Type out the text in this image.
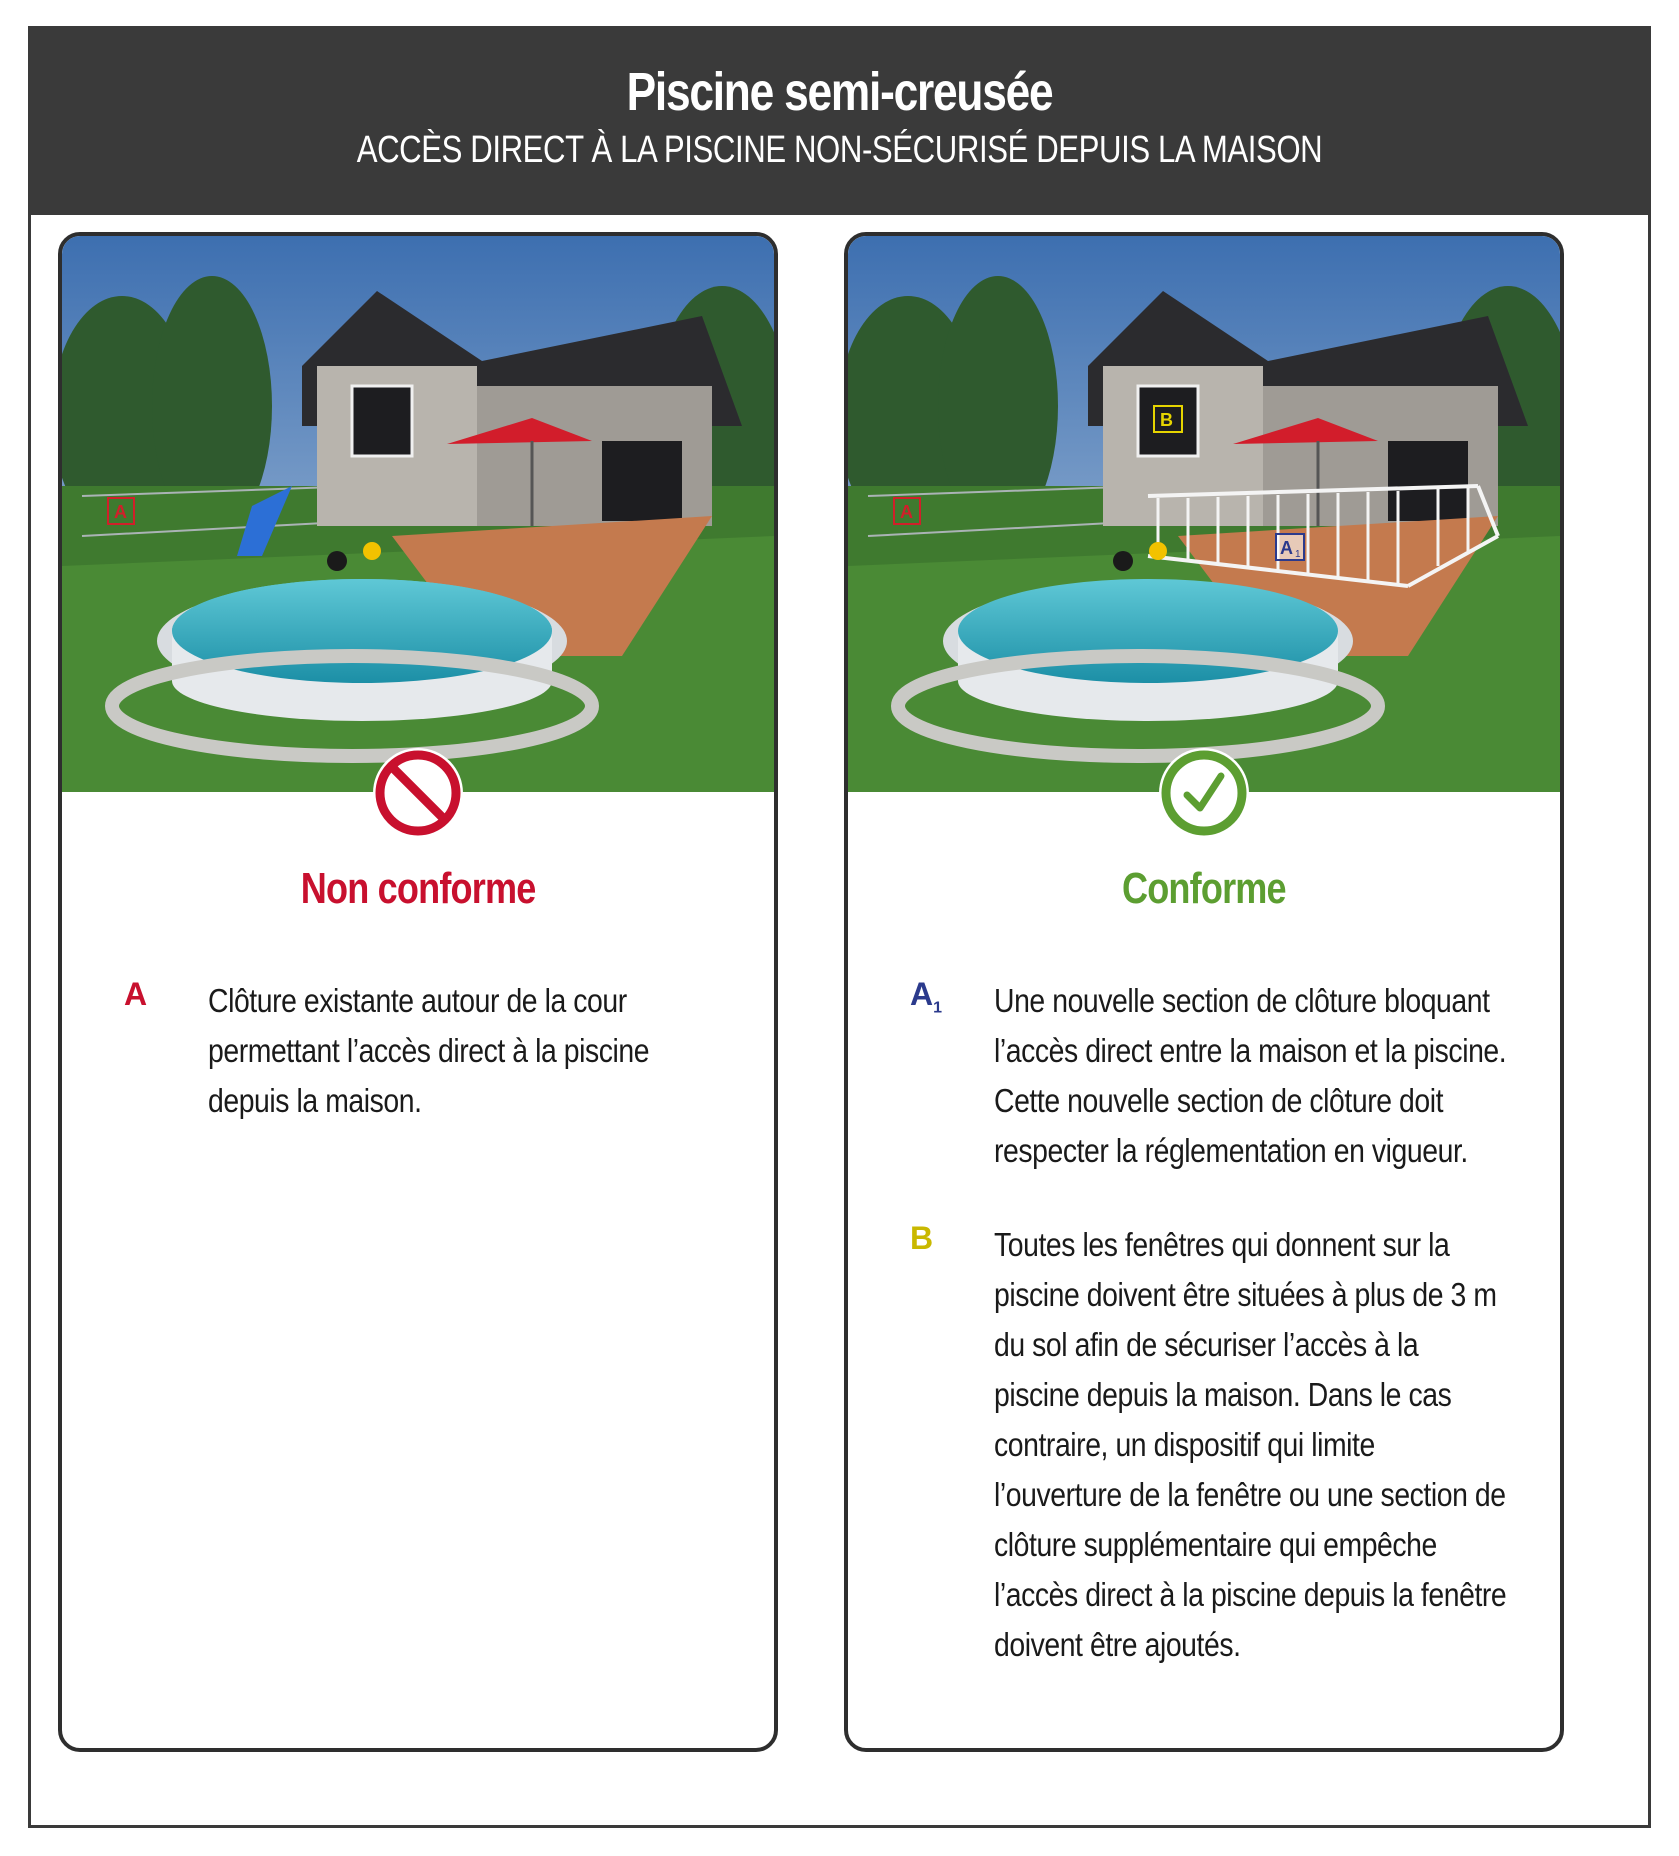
Piscine semi-creusée
ACCÈS DIRECT À LA PISCINE NON-SÉCURISÉ DEPUIS LA MAISON
A
Non conforme
A Clôture existante autour de la cour permettant l’accès direct à la piscine depuis la maison.
A
A 1
B
Conforme
$A_1$ Une nouvelle section de clôture bloquant l’accès direct entre la maison et la piscine. Cette nouvelle section de clôture doit respecter la réglementation en vigueur.
B Toutes les fenêtres qui donnent sur la piscine doivent être situées à plus de 3 m du sol afin de sécuriser l’accès à la piscine depuis la maison. Dans le cas contraire, un dispositif qui limite l’ouverture de la fenêtre ou une section de clôture supplémentaire qui empêche l’accès direct à la piscine depuis la fenêtre doivent être ajoutés.
